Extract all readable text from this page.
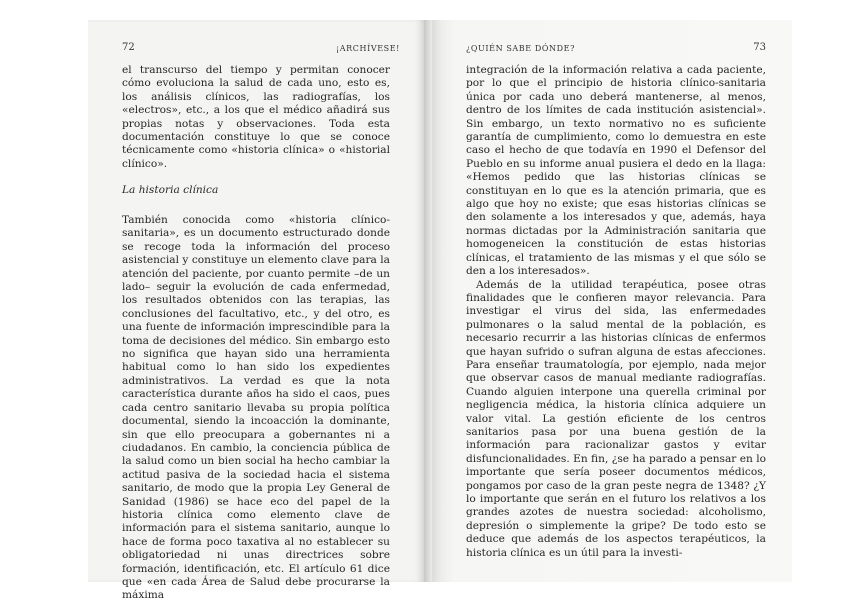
72	¡ARCHÍVESE!

el transcurso del tiempo y permitan conocer cómo evoluciona la salud de cada uno, esto es, los análisis clínicos, las radiografías, los «electros», etc., a los que el médico añadirá sus propias notas y observaciones. Toda esta documentación constituye lo que se conoce técnicamente como «historia clínica» o «historial clínico».

La historia clínica

También conocida como «historia clínico-sanitaria», es un documento estructurado donde se recoge toda la información del proceso asistencial y constituye un elemento clave para la atención del paciente, por cuanto permite –de un lado– seguir la evolución de cada enfermedad, los resultados obtenidos con las terapias, las conclusiones del facultativo, etc., y del otro, es una fuente de información imprescindible para la toma de decisiones del médico. Sin embargo esto no significa que hayan sido una herramienta habitual como lo han sido los expedientes administrativos. La verdad es que la nota característica durante años ha sido el caos, pues cada centro sanitario llevaba su propia política documental, siendo la incoacción la dominante, sin que ello preocupara a gobernantes ni a ciudadanos. En cambio, la conciencia pública de la salud como un bien social ha hecho cambiar la actitud pasiva de la sociedad hacia el sistema sanitario, de modo que la propia Ley General de Sanidad (1986) se hace eco del papel de la historia clínica como elemento clave de información para el sistema sanitario, aunque lo hace de forma poco taxativa al no establecer su obligatoriedad ni unas directrices sobre formación, identificación, etc. El artículo 61 dice que «en cada Área de Salud debe procurarse la máxima

¿QUIÉN SABE DÓNDE?	73

integración de la información relativa a cada paciente, por lo que el principio de historia clínico-sanitaria única por cada uno deberá mantenerse, al menos, dentro de los límites de cada institución asistencial». Sin embargo, un texto normativo no es suficiente garantía de cumplimiento, como lo demuestra en este caso el hecho de que todavía en 1990 el Defensor del Pueblo en su informe anual pusiera el dedo en la llaga: «Hemos pedido que las historias clínicas se constituyan en lo que es la atención primaria, que es algo que hoy no existe; que esas historias clínicas se den solamente a los interesados y que, además, haya normas dictadas por la Administración sanitaria que homogeneicen la constitución de estas historias clínicas, el tratamiento de las mismas y el que sólo se den a los interesados».

Además de la utilidad terapéutica, posee otras finalidades que le confieren mayor relevancia. Para investigar el virus del sida, las enfermedades pulmonares o la salud mental de la población, es necesario recurrir a las historias clínicas de enfermos que hayan sufrido o sufran alguna de estas afecciones. Para enseñar traumatología, por ejemplo, nada mejor que observar casos de manual mediante radiografías. Cuando alguien interpone una querella criminal por negligencia médica, la historia clínica adquiere un valor vital. La gestión eficiente de los centros sanitarios pasa por una buena gestión de la información para racionalizar gastos y evitar disfuncionalidades. En fin, ¿se ha parado a pensar en lo importante que sería poseer documentos médicos, pongamos por caso de la gran peste negra de 1348? ¿Y lo importante que serán en el futuro los relativos a los grandes azotes de nuestra sociedad: alcoholismo, depresión o simplemente la gripe? De todo esto se deduce que además de los aspectos terapéuticos, la historia clínica es un útil para la investi-
